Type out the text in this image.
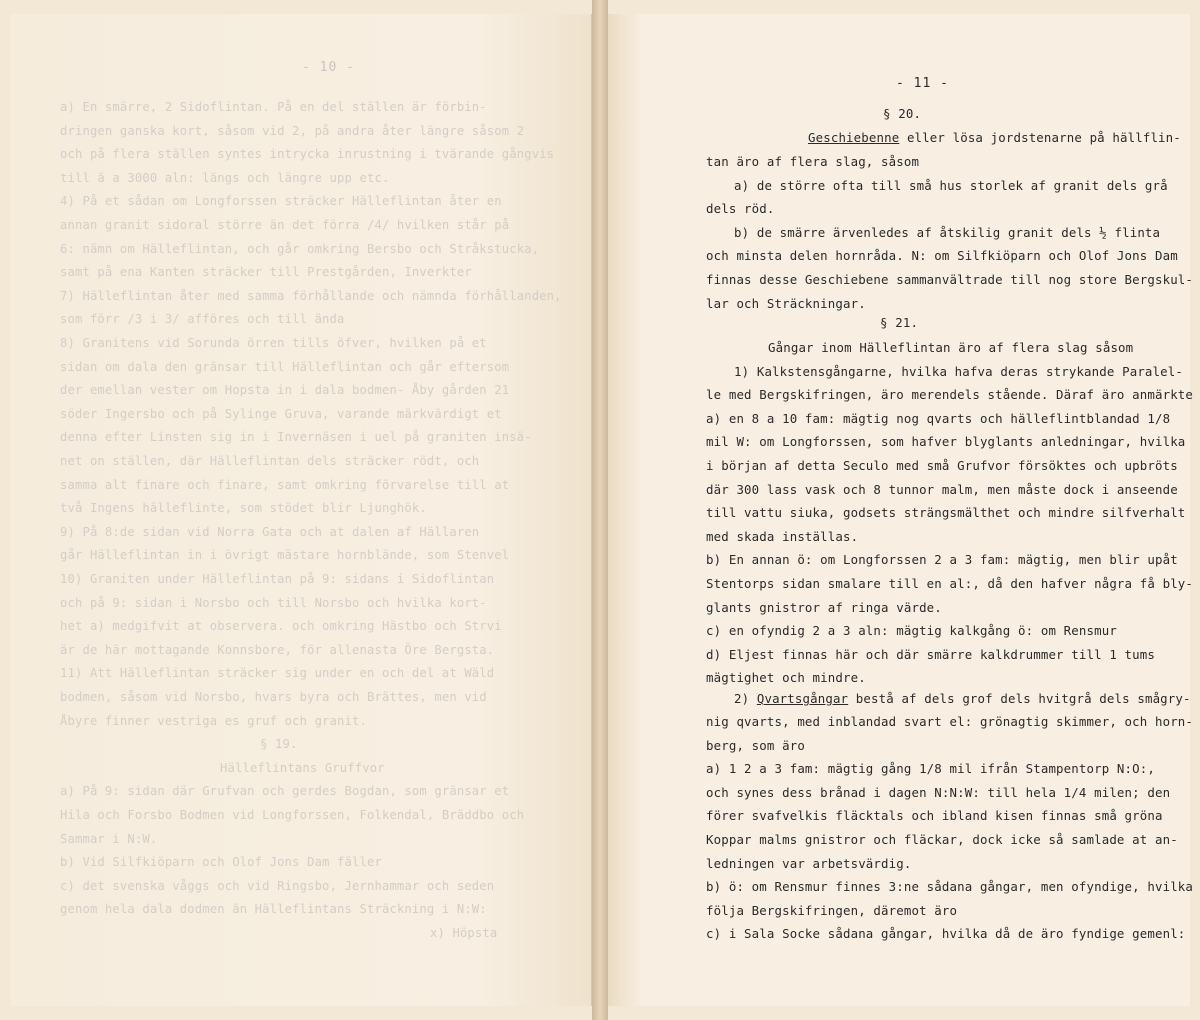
- 10 -
a) En smärre, 2 Sidoflintan. På en del ställen är förbin-
dringen ganska kort, såsom vid 2, på andra åter längre såsom 2
och på flera ställen syntes intrycka inrustning i tvärande gångvis
till ä a 3000 aln: längs och längre upp etc.
4) På et sådan om Longforssen sträcker Hälleflintan åter en
annan granit sidoral större än det förra /4/ hvilken står på
6: nämn om Hälleflintan, och går omkring Bersbo och Stråkstucka,
samt på ena Kanten sträcker till Prestgården, Inverkter
7) Hälleflintan åter med samma förhållande och nämnda förhållanden,
som förr /3 i 3/ afföres och till ända
8) Granitens vid Sorunda örren tills öfver, hvilken på et
sidan om dala den gränsar till Hälleflintan och går eftersom
der emellan vester om Hopsta in i dala bodmen- Åby gården 21
söder Ingersbo och på Sylinge Gruva, varande märkvärdigt et
denna efter Linsten sig in i Invernäsen i uel på graniten insä-
net on ställen, där Hälleflintan dels sträcker rödt, och
samma alt finare och finare, samt omkring förvarelse till at
två Ingens hälleflinte, som stödet blir Ljunghök.
9) På 8:de sidan vid Norra Gata och at dalen af Hällaren
går Hälleflintan in i övrigt mästare hornblände, som Stenvel
10) Graniten under Hälleflintan på 9: sidans i Sidoflintan
och på 9: sidan i Norsbo och till Norsbo och hvilka kort-
het a) medgifvit at observera. och omkring Hästbo och Strvi
är de här mottagande Konnsbore, för allenasta Öre Bergsta.
11) Att Hälleflintan sträcker sig under en och del at Wäld
bodmen, såsom vid Norsbo, hvars byra och Brättes, men vid
Åbyre finner vestriga es gruf och granit.
§ 19.
Hälleflintans Gruffvor
a) På 9: sidan där Grufvan och gerdes Bogdan, som gränsar et
Hila och Forsbo Bodmen vid Longforssen, Folkendal, Bräddbo och
Sammar i N:W.
b) Vid Silfkiöparn och Olof Jons Dam fäller
c) det svenska våggs och vid Ringsbo, Jernhammar och seden
genom hela dala dodmen än Hälleflintans Sträckning i N:W:
x) Höpsta
- 11 -
§ 20.
Geschiebenne eller lösa jordstenarne på hällflin-
tan äro af flera slag, såsom
a) de större ofta till små hus storlek af granit dels grå
dels röd.
b) de smärre ärvenledes af åtskilig granit dels ½ flinta
och minsta delen hornråda. N: om Silfkiöparn och Olof Jons Dam
finnas desse Geschiebene sammanvältrade till nog store Bergskul-
lar och Sträckningar.
§ 21.
Gångar inom Hälleflintan äro af flera slag såsom
1) Kalkstensgångarne, hvilka hafva deras strykande Paralel-
le med Bergskifringen, äro merendels stående. Däraf äro anmärkte
a) en 8 a 10 fam: mägtig nog qvarts och hälleflintblandad 1/8
mil W: om Longforssen, som hafver blyglants anledningar, hvilka
i början af detta Seculo med små Grufvor försöktes och upbröts
där 300 lass vask och 8 tunnor malm, men måste dock i anseende
till vattu siuka, godsets strängsmälthet och mindre silfverhalt
med skada inställas.
b) En annan ö: om Longforssen 2 a 3 fam: mägtig, men blir upåt
Stentorps sidan smalare till en al:, då den hafver några få bly-
glants gnistror af ringa värde.
c) en ofyndig 2 a 3 aln: mägtig kalkgång ö: om Rensmur
d) Eljest finnas här och där smärre kalkdrummer till 1 tums
mägtighet och mindre.
2) Qvartsgångar bestå af dels grof dels hvitgrå dels smågry-
nig qvarts, med inblandad svart el: grönagtig skimmer, och horn-
berg, som äro
a) 1 2 a 3 fam: mägtig gång 1/8 mil ifrån Stampentorp N:O:,
och synes dess brånad i dagen N:N:W: till hela 1/4 milen; den
förer svafvelkis fläcktals och ibland kisen finnas små gröna
Koppar malms gnistror och fläckar, dock icke så samlade at an-
ledningen var arbetsvärdig.
b) ö: om Rensmur finnes 3:ne sådana gångar, men ofyndige, hvilka
följa Bergskifringen, däremot äro
c) i Sala Socke sådana gångar, hvilka då de äro fyndige gemenl:
